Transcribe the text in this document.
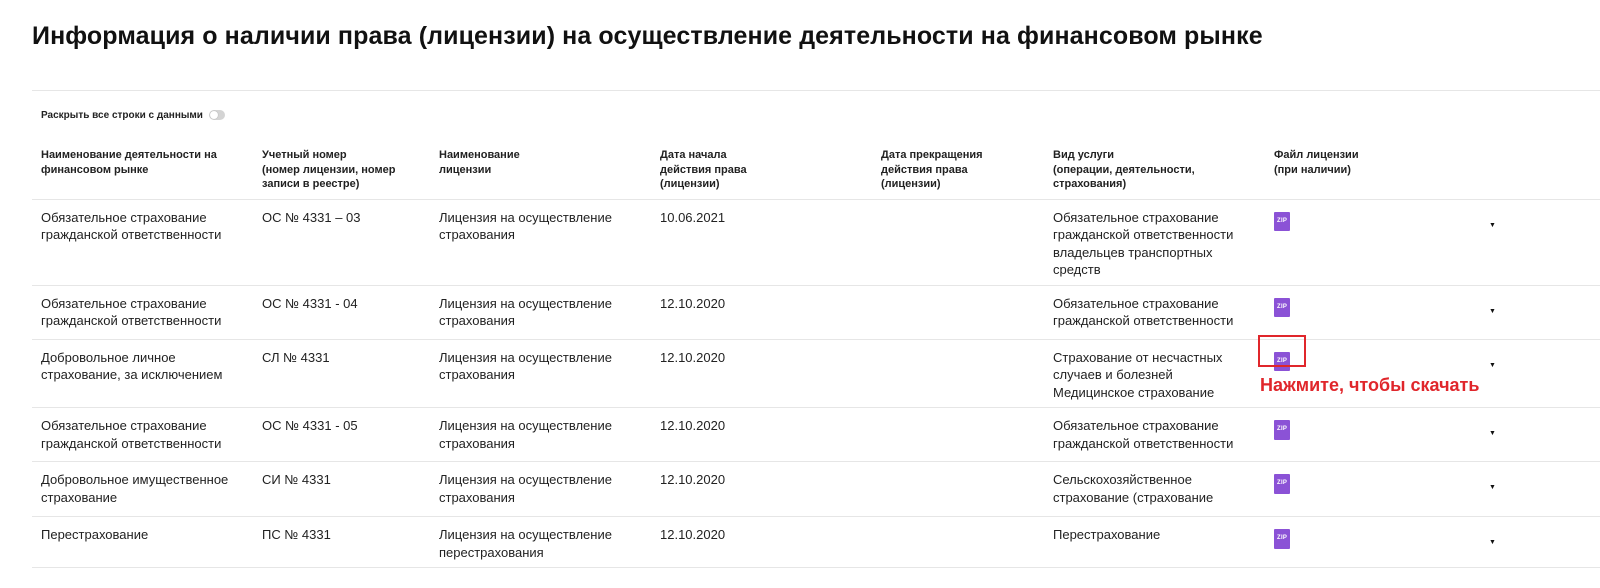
Информация о наличии права (лицензии) на осуществление деятельности на финансовом рынке
Раскрыть все строки с данными
Наименование деятельности на
финансовом рынке	Учетный номер
(номер лицензии, номер
записи в реестре)	Наименование
лицензии	Дата начала
действия права
(лицензии)	Дата прекращения
действия права
(лицензии)	Вид услуги
(операции, деятельности,
страхования)	Файл лицензии
(при наличии)	
Обязательное страхование гражданской ответственности	ОС № 4331 – 03	Лицензия на осуществление страхования	10.06.2021		Обязательное страхование гражданской ответственности владельцев транспортных средств	ZIP	▼
Обязательное страхование гражданской ответственности	ОС № 4331 - 04	Лицензия на осуществление страхования	12.10.2020		Обязательное страхование гражданской ответственности	ZIP	▼
Добровольное личное страхование, за исключением	СЛ № 4331	Лицензия на осуществление страхования	12.10.2020		Страхование от несчастных случаев и болезней Медицинское страхование	ZIP	▼
Обязательное страхование гражданской ответственности	ОС № 4331 - 05	Лицензия на осуществление страхования	12.10.2020		Обязательное страхование гражданской ответственности	ZIP	▼
Добровольное имущественное страхование	СИ № 4331	Лицензия на осуществление страхования	12.10.2020		Сельскохозяйственное страхование (страхование	ZIP	▼
Перестрахование	ПС № 4331	Лицензия на осуществление перестрахования	12.10.2020		Перестрахование	ZIP	▼
Нажмите, чтобы скачать
